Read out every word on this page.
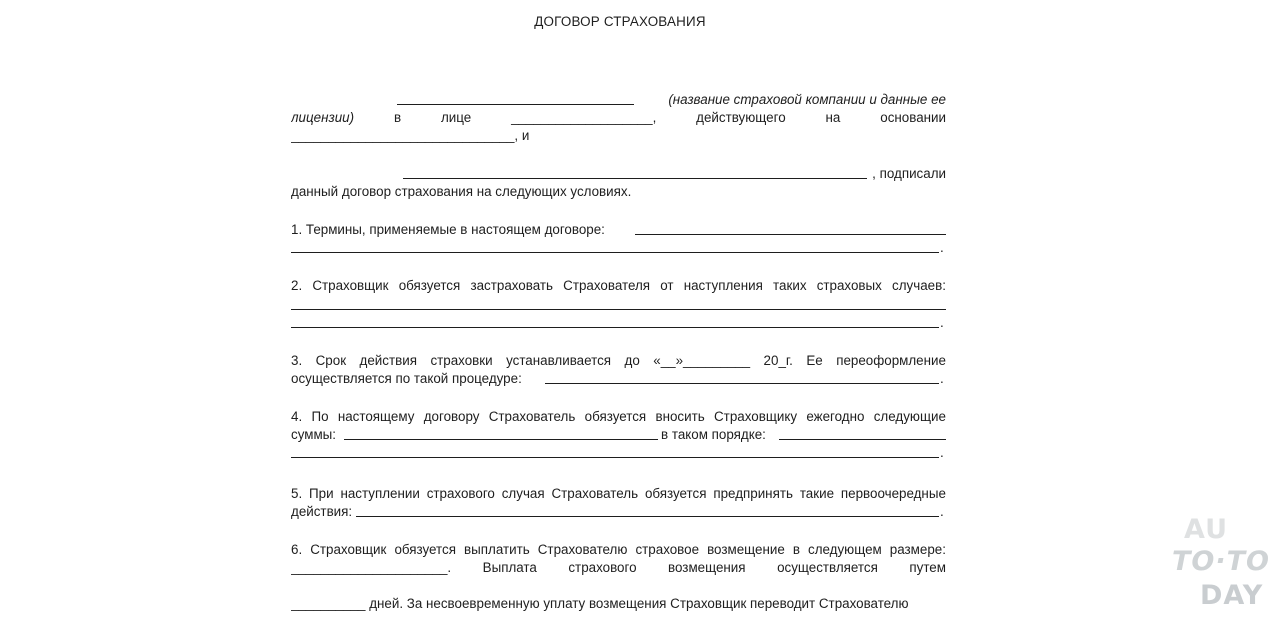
ДОГОВОР СТРАХОВАНИЯ

(название страховой компании и данные ее
лицензии)	в	лице	___________________,	действующего	на	основании
______________________________, и

, подписали
данный договор страхования на следующих условиях.
1. Термины, применяемые в настоящем договоре:
.
2. Страховщик обязуется застраховать Страхователя от наступления таких страховых случаев:
.
3. Срок действия страховки устанавливается до «__»_________ 20_г. Ее переоформление
осуществляется по такой процедуре:	.
4. По настоящему договору Страхователь обязуется вносить Страховщику ежегодно следующие
суммы:	в таком порядке:
.
5. При наступлении страхового случая Страхователь обязуется предпринять такие первоочередные
действия:	.
6. Страховщик обязуется выплатить Страхователю страховое возмещение в следующем размере:
_____________________. Выплата страхового возмещения осуществляется путем

__________ дней. За несвоевременную уплату возмещения Страховщик переводит Страхователю
AU
TO·TO
DAY
